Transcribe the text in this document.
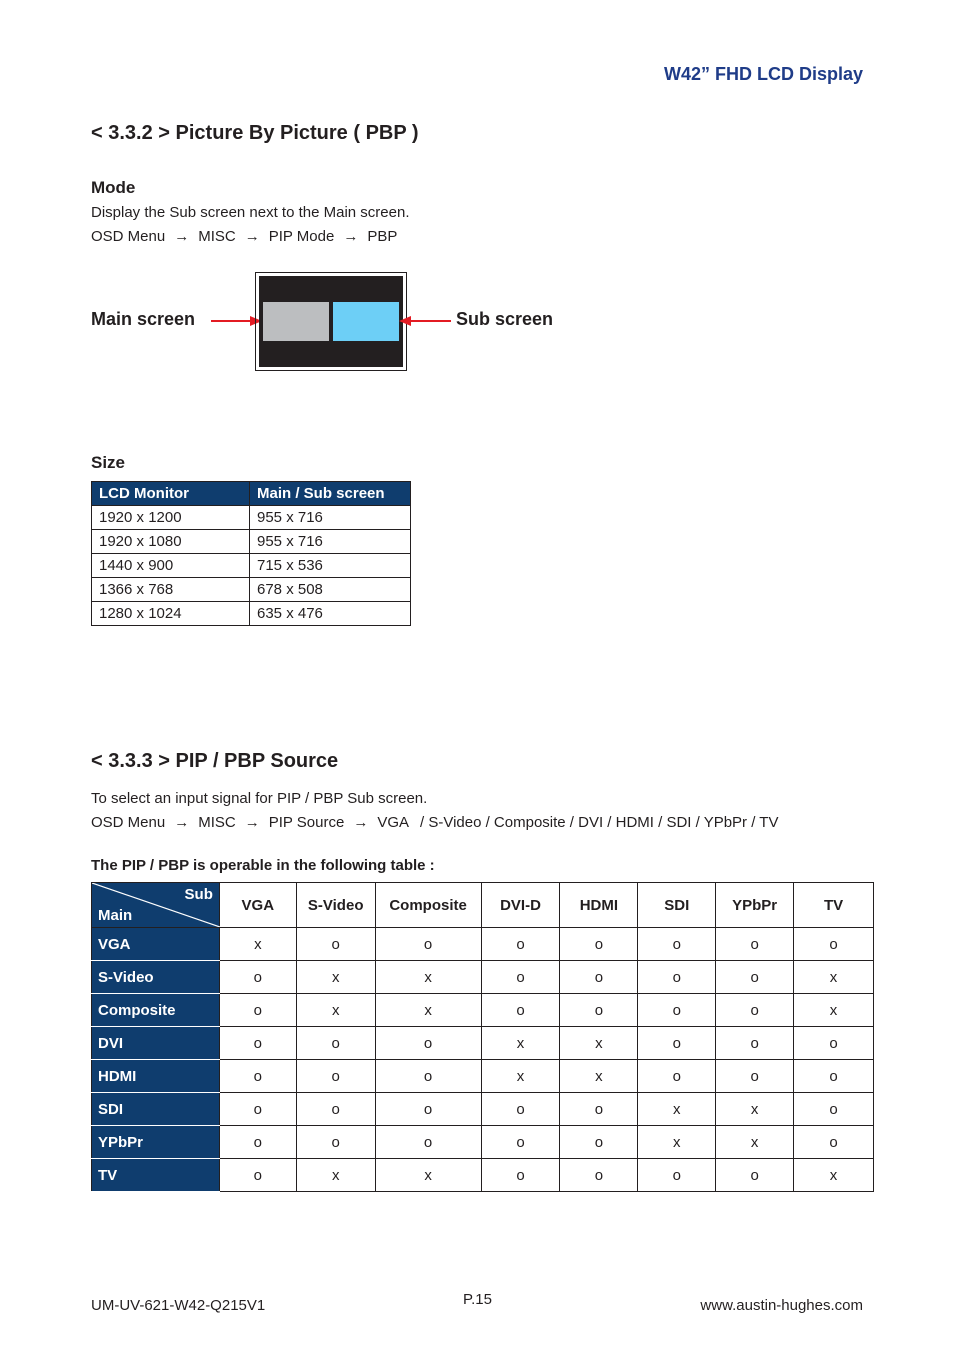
W42” FHD LCD Display
< 3.3.2 > Picture By Picture ( PBP )
Mode
Display the Sub screen next to the Main screen.
OSD Menu → MISC → PIP Mode → PBP
Main screen	Sub screen
Size
LCD Monitor	Main / Sub screen
1920 x 1200	955 x 716
1920 x 1080	955 x 716
1440 x 900	715 x 536
1366 x 768	678 x 508
1280 x 1024	635 x 476
< 3.3.3 > PIP / PBP Source
To select an input signal for PIP / PBP Sub screen.
OSD Menu → MISC → PIP Source → VGA / S-Video / Composite / DVI / HDMI / SDI / YPbPr / TV
The PIP / PBP is operable in the following table :
Sub
Main	VGA	S-Video	Composite	DVI-D	HDMI	SDI	YPbPr	TV
VGA	x	o	o	o	o	o	o	o
S-Video	o	x	x	o	o	o	o	x
Composite	o	x	x	o	o	o	o	x
DVI	o	o	o	x	x	o	o	o
HDMI	o	o	o	x	x	o	o	o
SDI	o	o	o	o	o	x	x	o
YPbPr	o	o	o	o	o	x	x	o
TV	o	x	x	o	o	o	o	x
UM-UV-621-W42-Q215V1	P.15	www.austin-hughes.com
